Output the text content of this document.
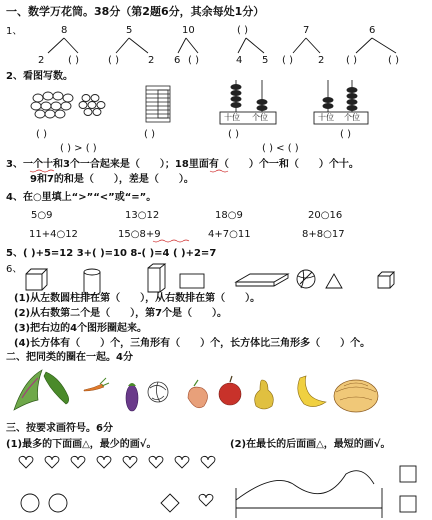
一、数学万花筒。38分（第2题6分，其余每处1分）
1、	8	5	10	( )	7	6
2 ( )	( )	2 6 ( )	4 5 ( )	2 ( )	( )
2、看图写数。
十位 个位	十位 个位
( )	( )	( )	( )
( ) > ( )	( ) < ( )
3、一个十和3个一合起来是（　　）；18里面有（　　）个一和（　　）个十。
9和7的和是（　　），差是（　　）。
4、在○里填上“>”“<”或“=”。
5○9	13○12	18○9	20○16
11+4○12	15○8+9	4+7○11	8+8○17
5、( )+5=12 3+( )=10 8-( )=4 ( )+2=7
6、
(1)从左数圆柱排在第（　　），从右数排在第（　　）。
(2)从右数第二个是（　　），第7个是（　　）。
(3)把右边的4个图形圈起来。
(4)长方体有（　　）个，三角形有（　　）个，长方体比三角形多（　　）个。
二、把同类的圈在一起。4分
三、按要求画符号。6分
(1)最多的下面画△，最少的画√。	(2)在最长的后面画△，最短的画√。
